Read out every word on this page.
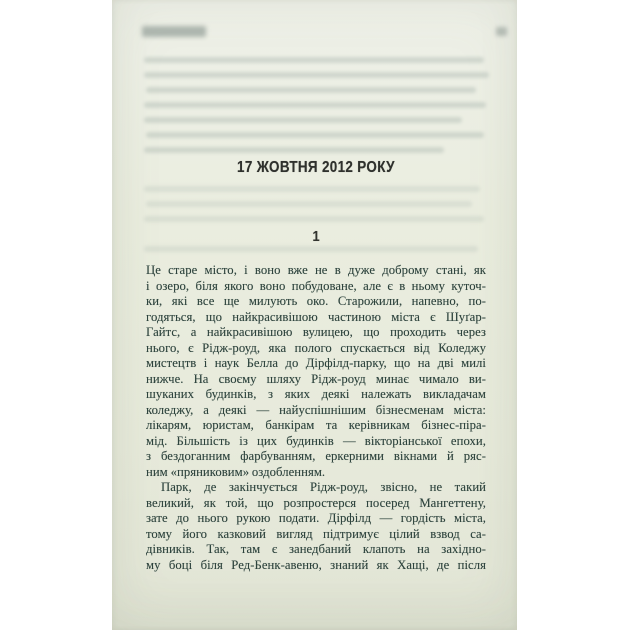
17 ЖОВТНЯ 2012 РОКУ
1
Це старе місто, і воно вже не в дуже доброму стані, як
і озеро, біля якого воно побудоване, але є в ньому куточ-
ки, які все ще милують око. Старожили, напевно, по-
годяться, що найкрасивішою частиною міста є Шуґар-
Гайтс, а найкрасивішою вулицею, що проходить через
нього, є Рідж-роуд, яка полого спускається від Коледжу
мистецтв і наук Белла до Дірфілд-парку, що на дві милі
нижче. На своєму шляху Рідж-роуд минає чимало ви-
шуканих будинків, з яких деякі належать викладачам
коледжу, а деякі — найуспішнішим бізнесменам міста:
лікарям, юристам, банкірам та керівникам бізнес-піра-
мід. Більшість із цих будинків — вікторіанської епохи,
з бездоганним фарбуванням, еркерними вікнами й ряс-
ним «пряниковим» оздобленням.
Парк, де закінчується Рідж-роуд, звісно, не такий
великий, як той, що розпростерся посеред Мангеттену,
зате до нього рукою подати. Дірфілд — гордість міста,
тому його казковий вигляд підтримує цілий взвод са-
дівників. Так, там є занедбаний клапоть на західно-
му боці біля Ред-Бенк-авеню, знаний як Хащі, де після
